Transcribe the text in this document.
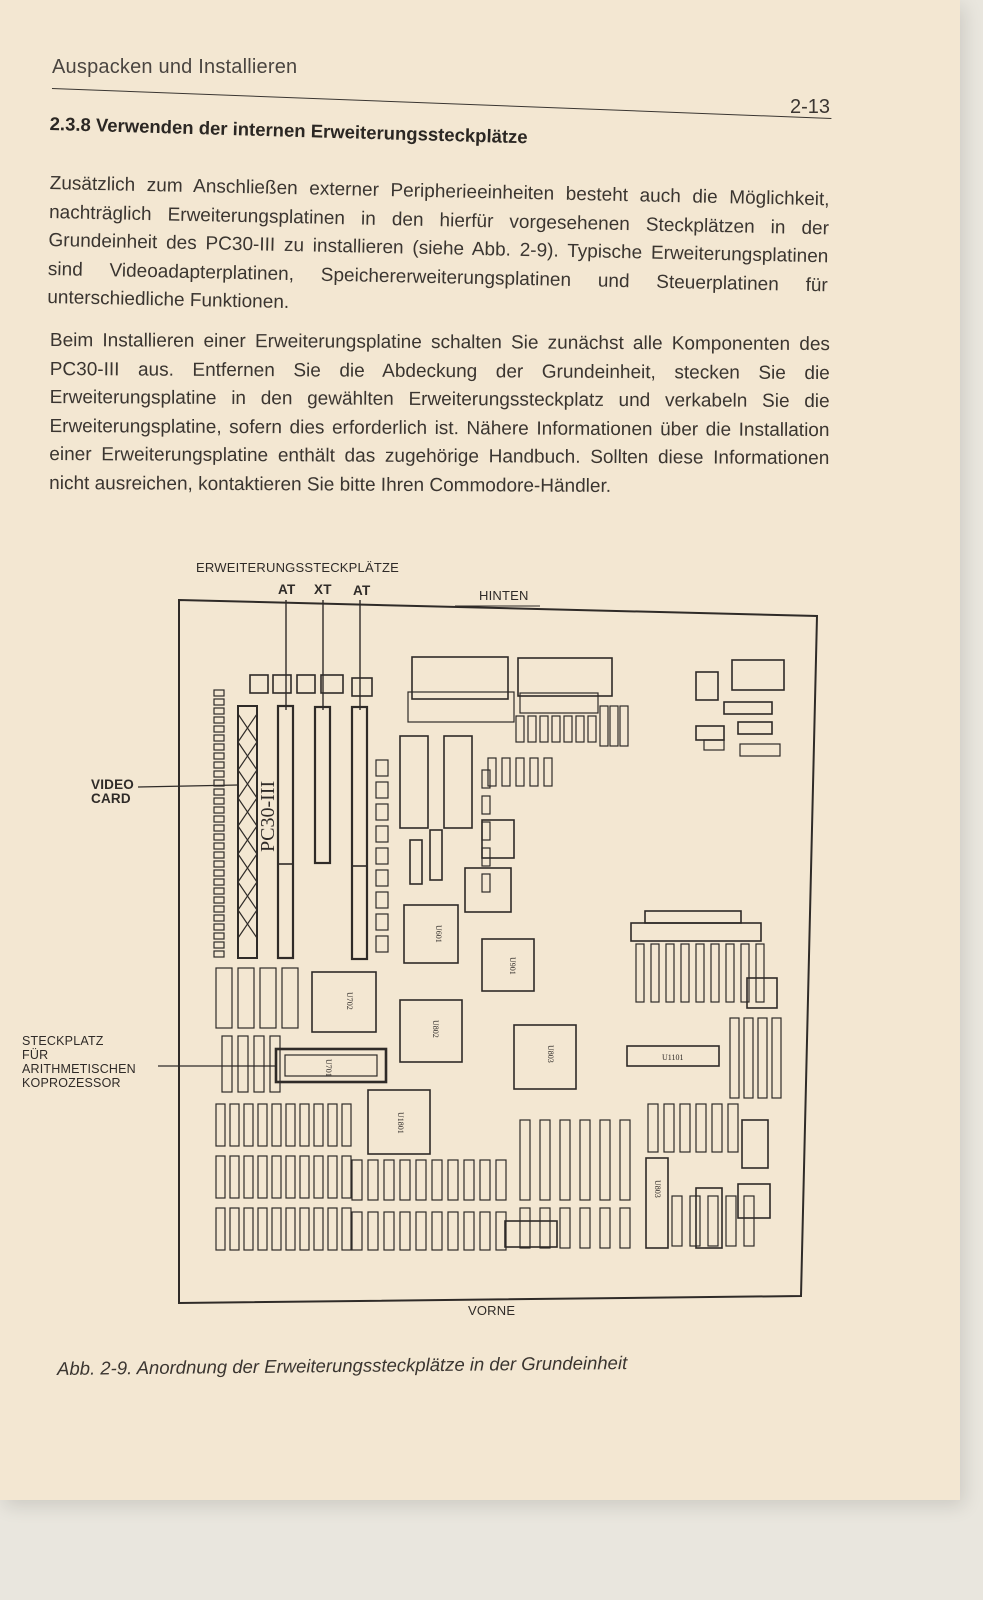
Auspacken und Installieren
2-13
2.3.8 Verwenden der internen Erweiterungssteckplätze
Zusätzlich zum Anschließen externer Peripherieeinheiten besteht auch die Möglichkeit, nachträglich Erweiterungsplatinen in den hierfür vorgesehenen Steckplätzen in der Grundeinheit des PC30-III zu installieren (siehe Abb. 2-9). Typische Erweiterungsplatinen sind Videoadapterplatinen, Speichererweiterungsplatinen und Steuerplatinen für unterschiedliche Funktionen.
Beim Installieren einer Erweiterungsplatine schalten Sie zunächst alle Komponenten des PC30-III aus. Entfernen Sie die Abdeckung der Grundeinheit, stecken Sie die Erweiterungsplatine in den gewählten Erweiterungssteckplatz und verkabeln Sie die Erweiterungsplatine, sofern dies erforderlich ist. Nähere Informationen über die Installation einer Erweiterungsplatine enthält das zugehörige Handbuch. Sollten diese Informationen nicht ausreichen, kontaktieren Sie bitte Ihren Commodore-Händler.
ERWEITERUNGSSTECKPLÄTZE
AT XT AT	HINTEN
VORNE
VIDEO
CARD
STECKPLATZ
FÜR
ARITHMETISCHEN
KOPROZESSOR
PC30-III
U601
U901
U702
U802
U803
U1801
U1101
U701
U803
Abb. 2-9. Anordnung der Erweiterungssteckplätze in der Grundeinheit
